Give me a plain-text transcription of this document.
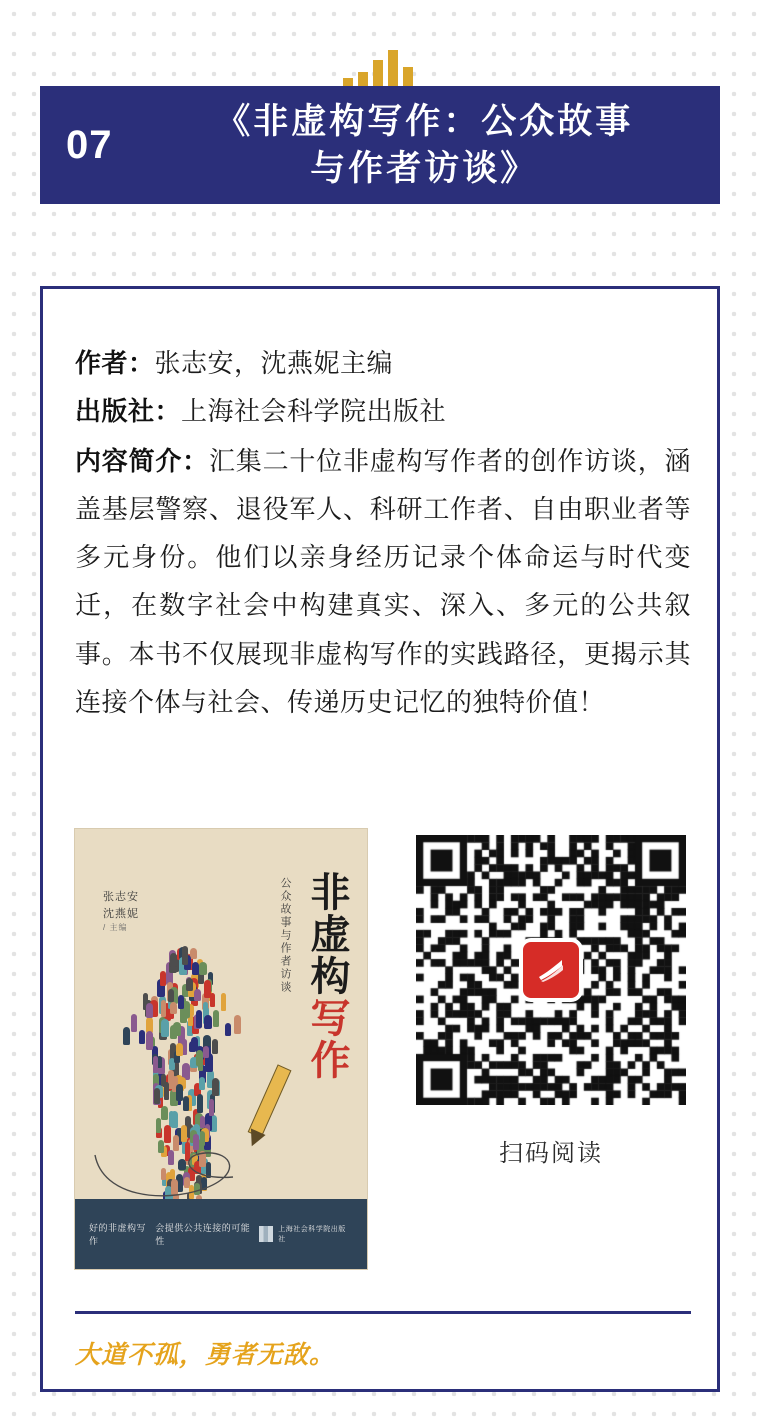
07
《非虚构写作：公众故事
与作者访谈》
作者：张志安，沈燕妮主编
出版社：上海社会科学院出版社
内容简介：汇集二十位非虚构写作者的创作访谈，涵盖基层警察、退役军人、科研工作者、自由职业者等多元身份。他们以亲身经历记录个体命运与时代变迁，在数字社会中构建真实、深入、多元的公共叙事。本书不仅展现非虚构写作的实践路径，更揭示其连接个体与社会、传递历史记忆的独特价值！
张志安
沈燕妮
/ 主编	公众故事与作者访谈 非虚构写作
好的非虚构写作
会提供公共连接的可能性
上海社会科学院出版社
扫码阅读
大道不孤，勇者无敌。
